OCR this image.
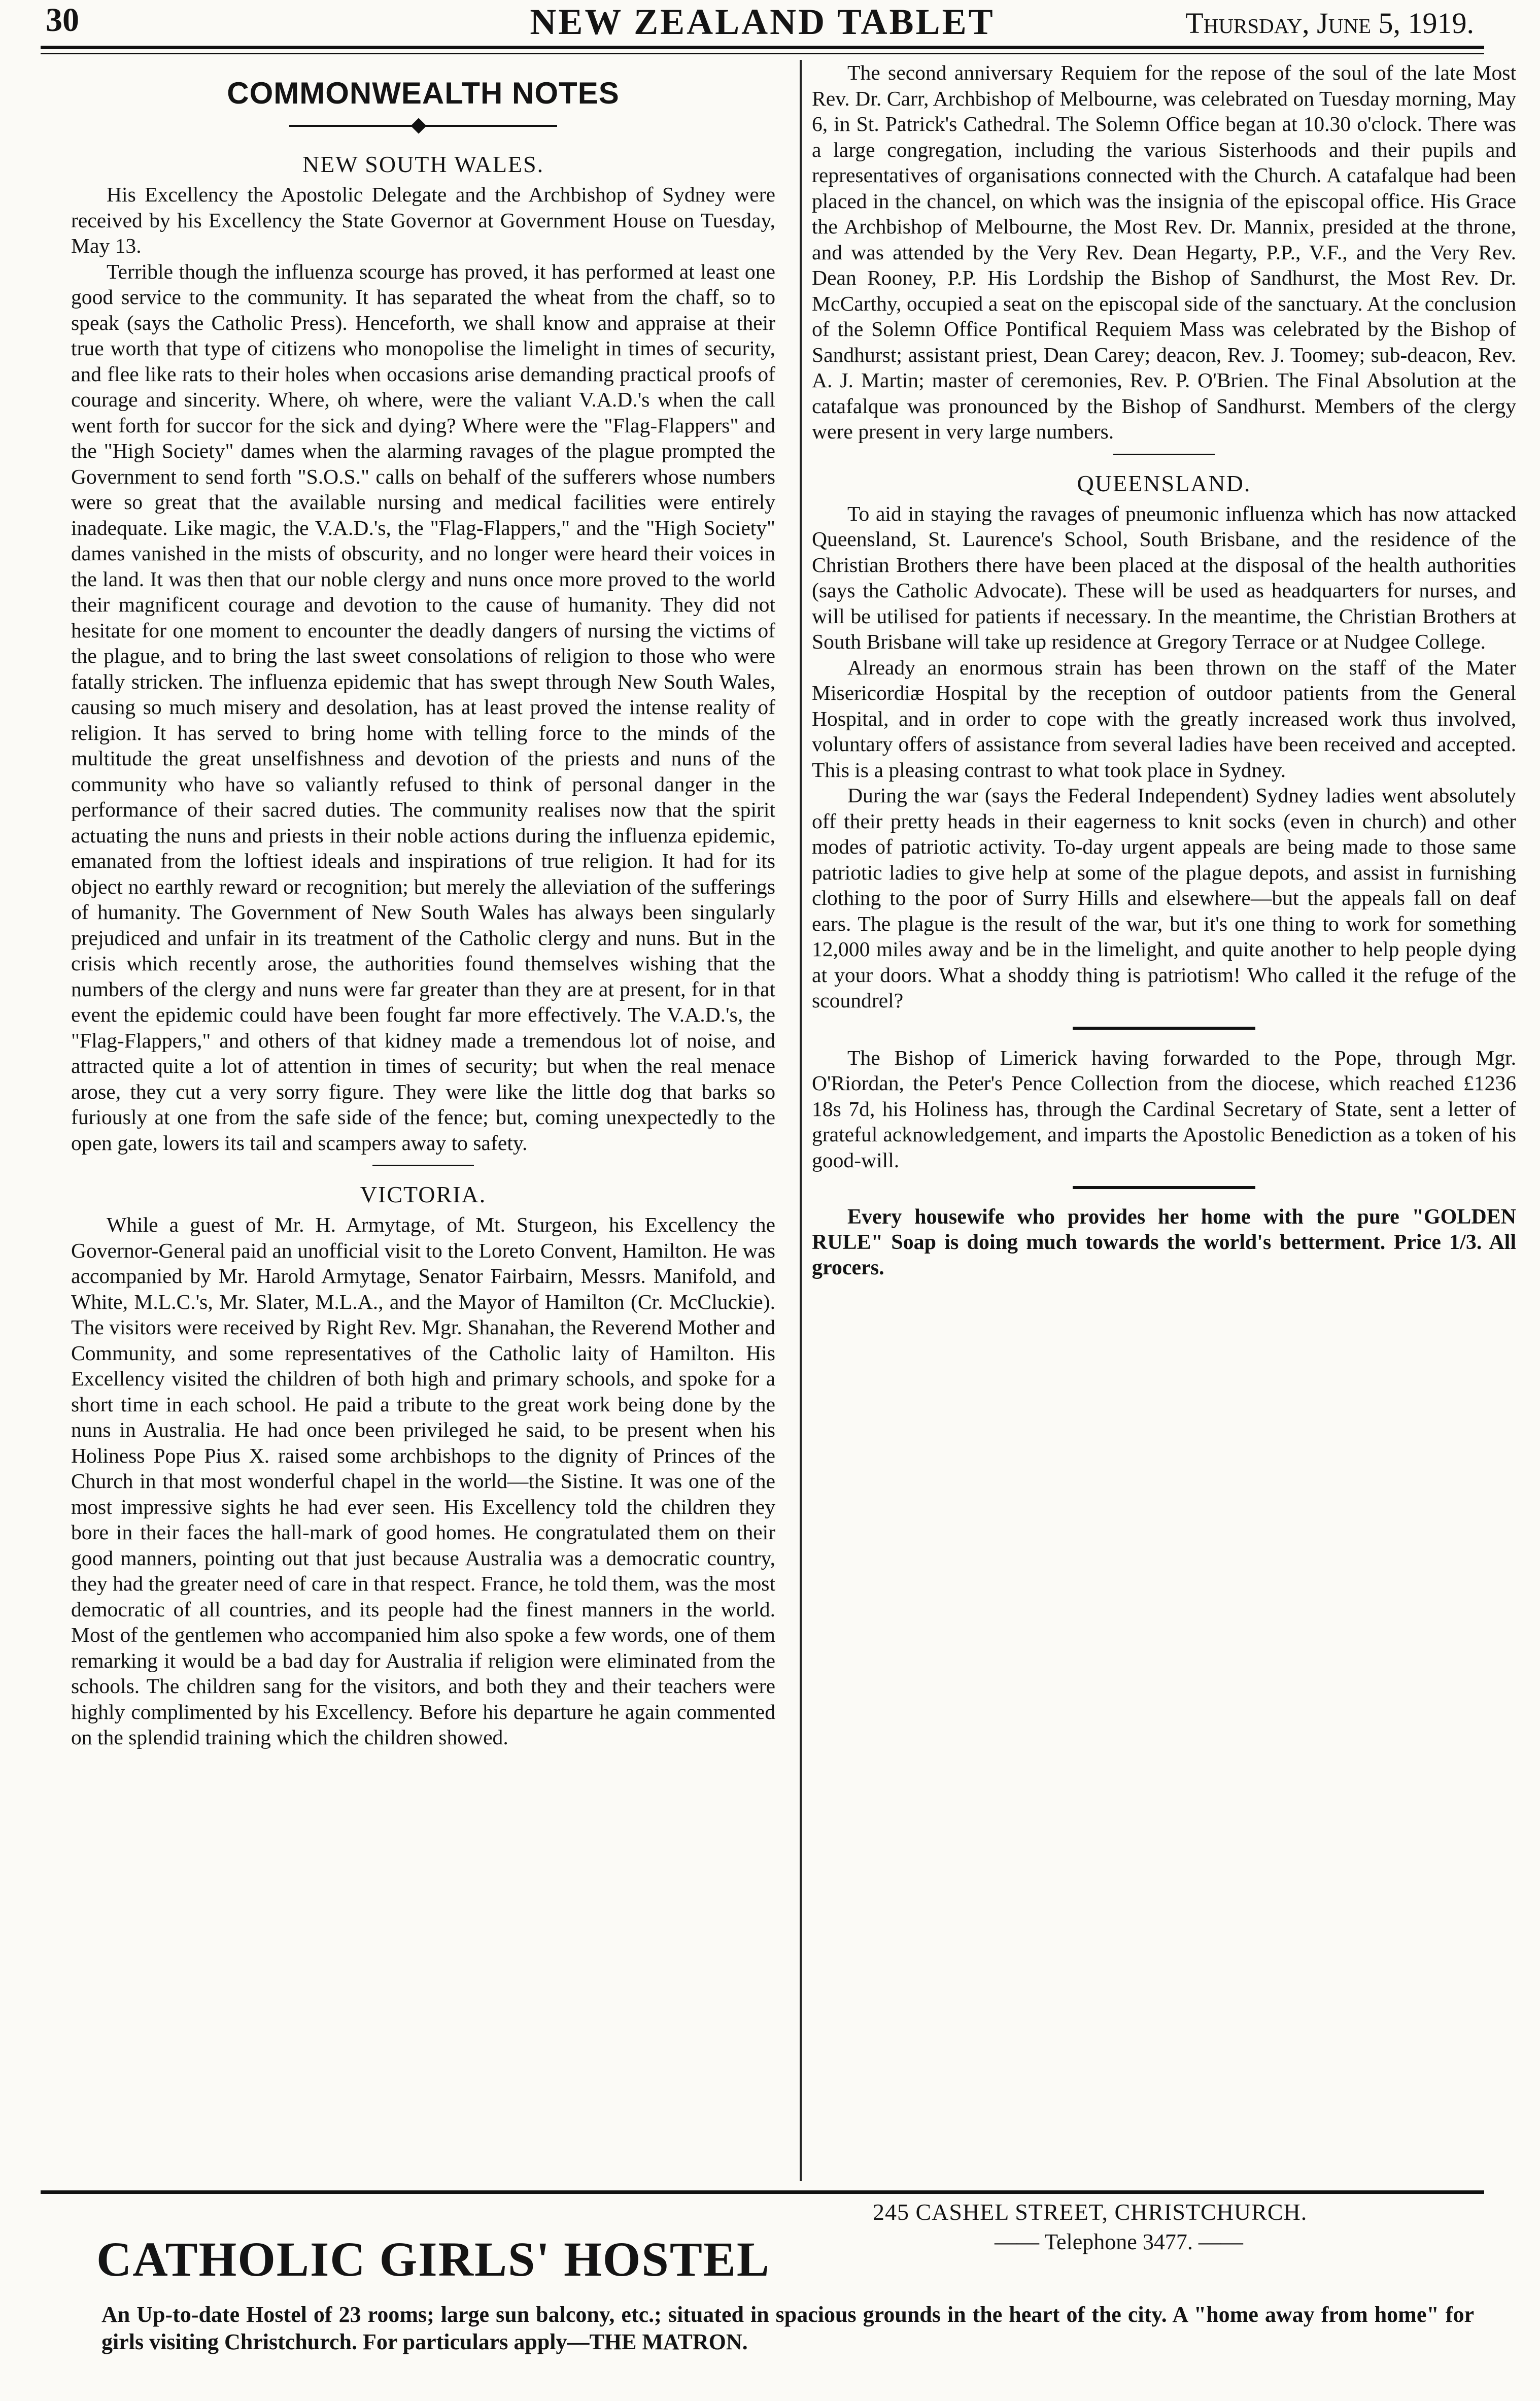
30	NEW ZEALAND TABLET	Thursday, June 5, 1919.
COMMONWEALTH NOTES
NEW SOUTH WALES.

His Excellency the Apostolic Delegate and the Archbishop of Sydney were received by his Excellency the State Governor at Government House on Tuesday, May 13.

Terrible though the influenza scourge has proved, it has performed at least one good service to the community. It has separated the wheat from the chaff, so to speak (says the Catholic Press). Henceforth, we shall know and appraise at their true worth that type of citizens who monopolise the limelight in times of security, and flee like rats to their holes when occasions arise demanding practical proofs of courage and sincerity. Where, oh where, were the valiant V.A.D.'s when the call went forth for succor for the sick and dying? Where were the "Flag-Flappers" and the "High Society" dames when the alarming ravages of the plague prompted the Government to send forth "S.O.S." calls on behalf of the sufferers whose numbers were so great that the available nursing and medical facilities were entirely inadequate. Like magic, the V.A.D.'s, the "Flag-Flappers," and the "High Society" dames vanished in the mists of obscurity, and no longer were heard their voices in the land. It was then that our noble clergy and nuns once more proved to the world their magnificent courage and devotion to the cause of humanity. They did not hesitate for one moment to encounter the deadly dangers of nursing the victims of the plague, and to bring the last sweet consolations of religion to those who were fatally stricken. The influenza epidemic that has swept through New South Wales, causing so much misery and desolation, has at least proved the intense reality of religion. It has served to bring home with telling force to the minds of the multitude the great unselfishness and devotion of the priests and nuns of the community who have so valiantly refused to think of personal danger in the performance of their sacred duties. The community realises now that the spirit actuating the nuns and priests in their noble actions during the influenza epidemic, emanated from the loftiest ideals and inspirations of true religion. It had for its object no earthly reward or recognition; but merely the alleviation of the sufferings of humanity. The Government of New South Wales has always been singularly prejudiced and unfair in its treatment of the Catholic clergy and nuns. But in the crisis which recently arose, the authorities found themselves wishing that the numbers of the clergy and nuns were far greater than they are at present, for in that event the epidemic could have been fought far more effectively. The V.A.D.'s, the "Flag-Flappers," and others of that kidney made a tremendous lot of noise, and attracted quite a lot of attention in times of security; but when the real menace arose, they cut a very sorry figure. They were like the little dog that barks so furiously at one from the safe side of the fence; but, coming unexpectedly to the open gate, lowers its tail and scampers away to safety.

VICTORIA.

While a guest of Mr. H. Armytage, of Mt. Sturgeon, his Excellency the Governor-General paid an unofficial visit to the Loreto Convent, Hamilton. He was accompanied by Mr. Harold Armytage, Senator Fairbairn, Messrs. Manifold, and White, M.L.C.'s, Mr. Slater, M.L.A., and the Mayor of Hamilton (Cr. McCluckie). The visitors were received by Right Rev. Mgr. Shanahan, the Reverend Mother and Community, and some representatives of the Catholic laity of Hamilton. His Excellency visited the children of both high and primary schools, and spoke for a short time in each school. He paid a tribute to the great work being done by the nuns in Australia. He had once been privileged he said, to be present when his Holiness Pope Pius X. raised some archbishops to the dignity of Princes of the Church in that most wonderful chapel in the world—the Sistine. It was one of the most impressive sights he had ever seen. His Excellency told the children they bore in their faces the hall-mark of good homes. He congratulated them on their good manners, pointing out that just because Australia was a democratic country, they had the greater need of care in that respect. France, he told them, was the most democratic of all countries, and its people had the finest manners in the world. Most of the gentlemen who accompanied him also spoke a few words, one of them remarking it would be a bad day for Australia if religion were eliminated from the schools. The children sang for the visitors, and both they and their teachers were highly complimented by his Excellency. Before his departure he again commented on the splendid training which the children showed.

The second anniversary Requiem for the repose of the soul of the late Most Rev. Dr. Carr, Archbishop of Melbourne, was celebrated on Tuesday morning, May 6, in St. Patrick's Cathedral. The Solemn Office began at 10.30 o'clock. There was a large congregation, including the various Sisterhoods and their pupils and representatives of organisations connected with the Church. A catafalque had been placed in the chancel, on which was the insignia of the episcopal office. His Grace the Archbishop of Melbourne, the Most Rev. Dr. Mannix, presided at the throne, and was attended by the Very Rev. Dean Hegarty, P.P., V.F., and the Very Rev. Dean Rooney, P.P. His Lordship the Bishop of Sandhurst, the Most Rev. Dr. McCarthy, occupied a seat on the episcopal side of the sanctuary. At the conclusion of the Solemn Office Pontifical Requiem Mass was celebrated by the Bishop of Sandhurst; assistant priest, Dean Carey; deacon, Rev. J. Toomey; sub-deacon, Rev. A. J. Martin; master of ceremonies, Rev. P. O'Brien. The Final Absolution at the catafalque was pronounced by the Bishop of Sandhurst. Members of the clergy were present in very large numbers.

QUEENSLAND.

To aid in staying the ravages of pneumonic influenza which has now attacked Queensland, St. Laurence's School, South Brisbane, and the residence of the Christian Brothers there have been placed at the disposal of the health authorities (says the Catholic Advocate). These will be used as headquarters for nurses, and will be utilised for patients if necessary. In the meantime, the Christian Brothers at South Brisbane will take up residence at Gregory Terrace or at Nudgee College.

Already an enormous strain has been thrown on the staff of the Mater Misericordiæ Hospital by the reception of outdoor patients from the General Hospital, and in order to cope with the greatly increased work thus involved, voluntary offers of assistance from several ladies have been received and accepted. This is a pleasing contrast to what took place in Sydney.

During the war (says the Federal Independent) Sydney ladies went absolutely off their pretty heads in their eagerness to knit socks (even in church) and other modes of patriotic activity. To-day urgent appeals are being made to those same patriotic ladies to give help at some of the plague depots, and assist in furnishing clothing to the poor of Surry Hills and elsewhere—but the appeals fall on deaf ears. The plague is the result of the war, but it's one thing to work for something 12,000 miles away and be in the limelight, and quite another to help people dying at your doors. What a shoddy thing is patriotism! Who called it the refuge of the scoundrel?

The Bishop of Limerick having forwarded to the Pope, through Mgr. O'Riordan, the Peter's Pence Collection from the diocese, which reached £1236 18s 7d, his Holiness has, through the Cardinal Secretary of State, sent a letter of grateful acknowledgement, and imparts the Apostolic Benediction as a token of his good-will.

Every housewife who provides her home with the pure "GOLDEN RULE" Soap is doing much towards the world's betterment. Price 1/3. All grocers.

CATHOLIC GIRLS' HOSTEL
245 CASHEL STREET, CHRISTCHURCH.
—— Telephone 3477. ——
An Up-to-date Hostel of 23 rooms; large sun balcony, etc.; situated in spacious grounds in the heart of the city. A "home away from home" for girls visiting Christchurch. For particulars apply—THE MATRON.
